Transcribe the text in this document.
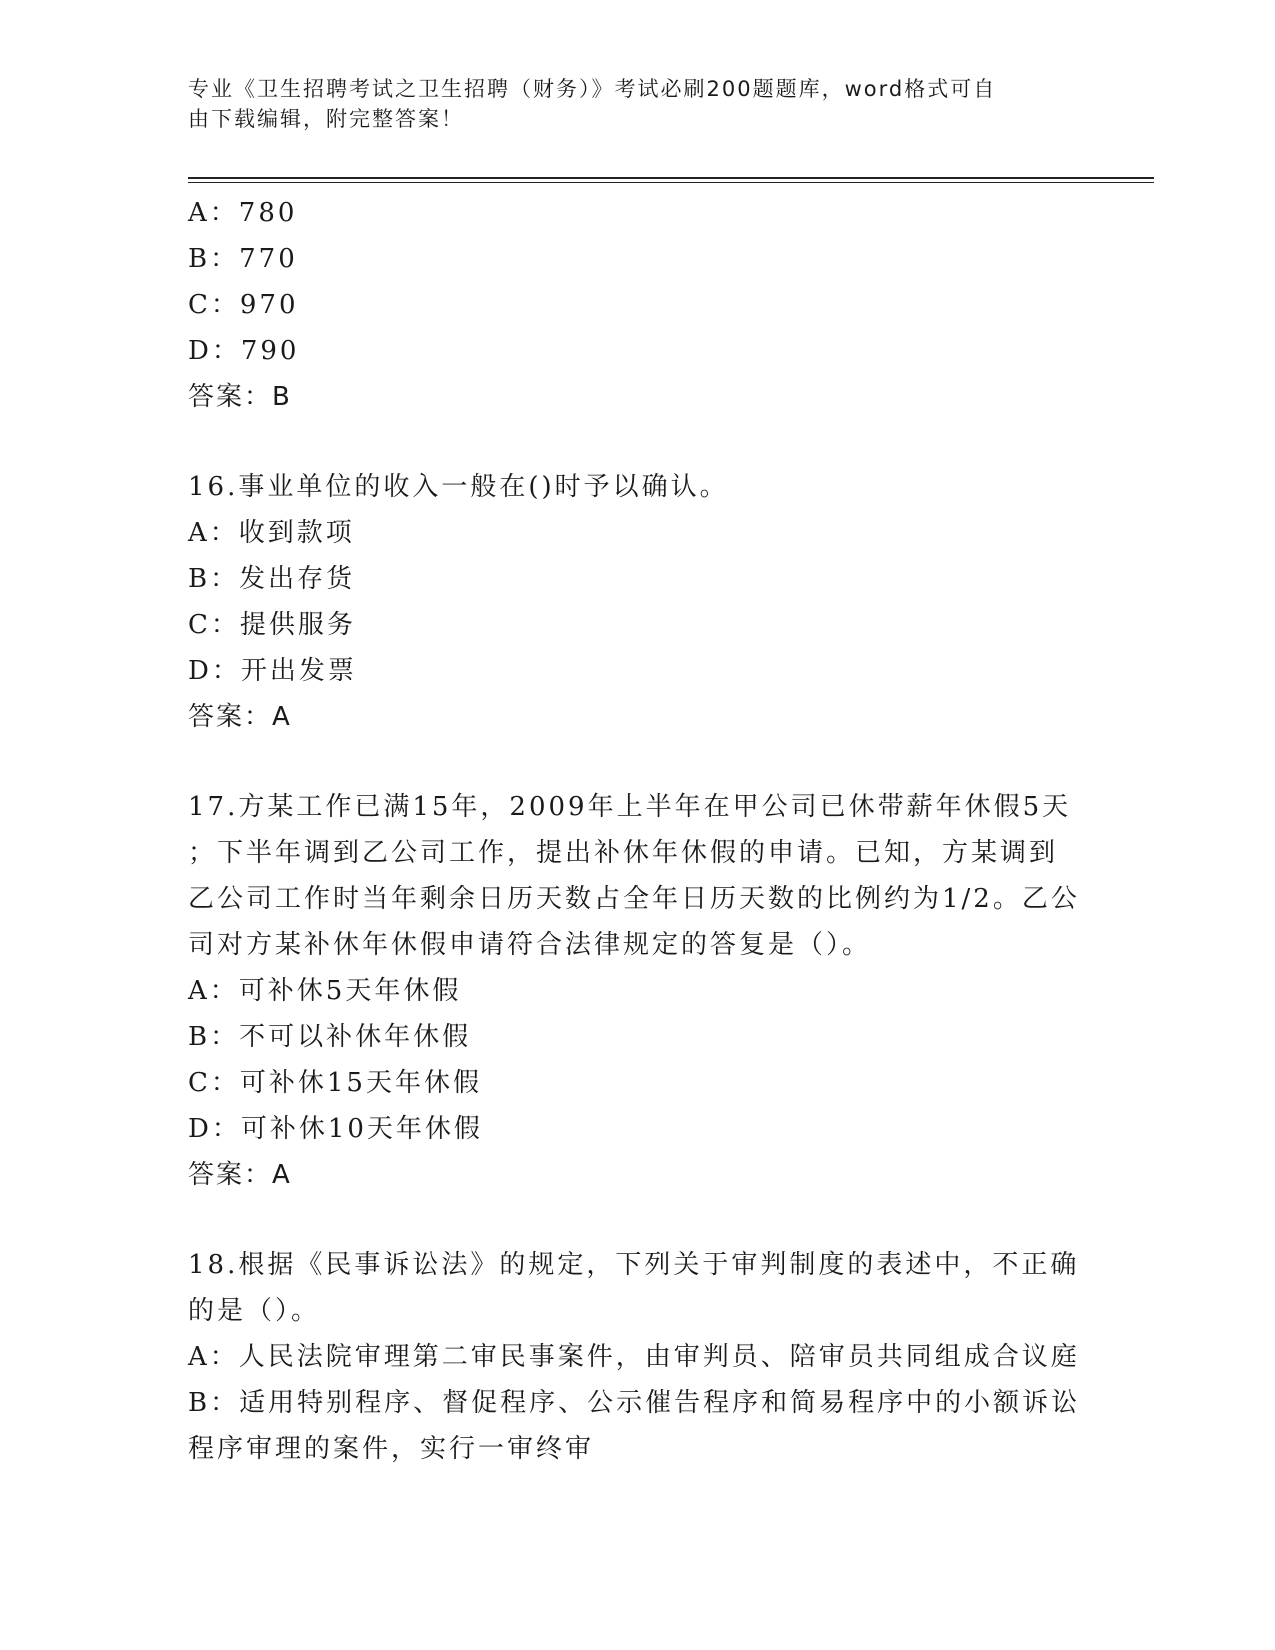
专业《卫生招聘考试之卫生招聘（财务）》考试必刷200题题库，word格式可自
由下载编辑，附完整答案！
A：780
B：770
C：970
D：790
答案：B
16.事业单位的收入一般在()时予以确认。
A：收到款项
B：发出存货
C：提供服务
D：开出发票
答案：A
17.方某工作已满15年，2009年上半年在甲公司已休带薪年休假5天
；下半年调到乙公司工作，提出补休年休假的申请。已知，方某调到
乙公司工作时当年剩余日历天数占全年日历天数的比例约为1/2。乙公
司对方某补休年休假申请符合法律规定的答复是（）。
A：可补休5天年休假
B：不可以补休年休假
C：可补休15天年休假
D：可补休10天年休假
答案：A
18.根据《民事诉讼法》的规定，下列关于审判制度的表述中，不正确
的是（）。
A：人民法院审理第二审民事案件，由审判员、陪审员共同组成合议庭
B：适用特别程序、督促程序、公示催告程序和简易程序中的小额诉讼
程序审理的案件，实行一审终审
